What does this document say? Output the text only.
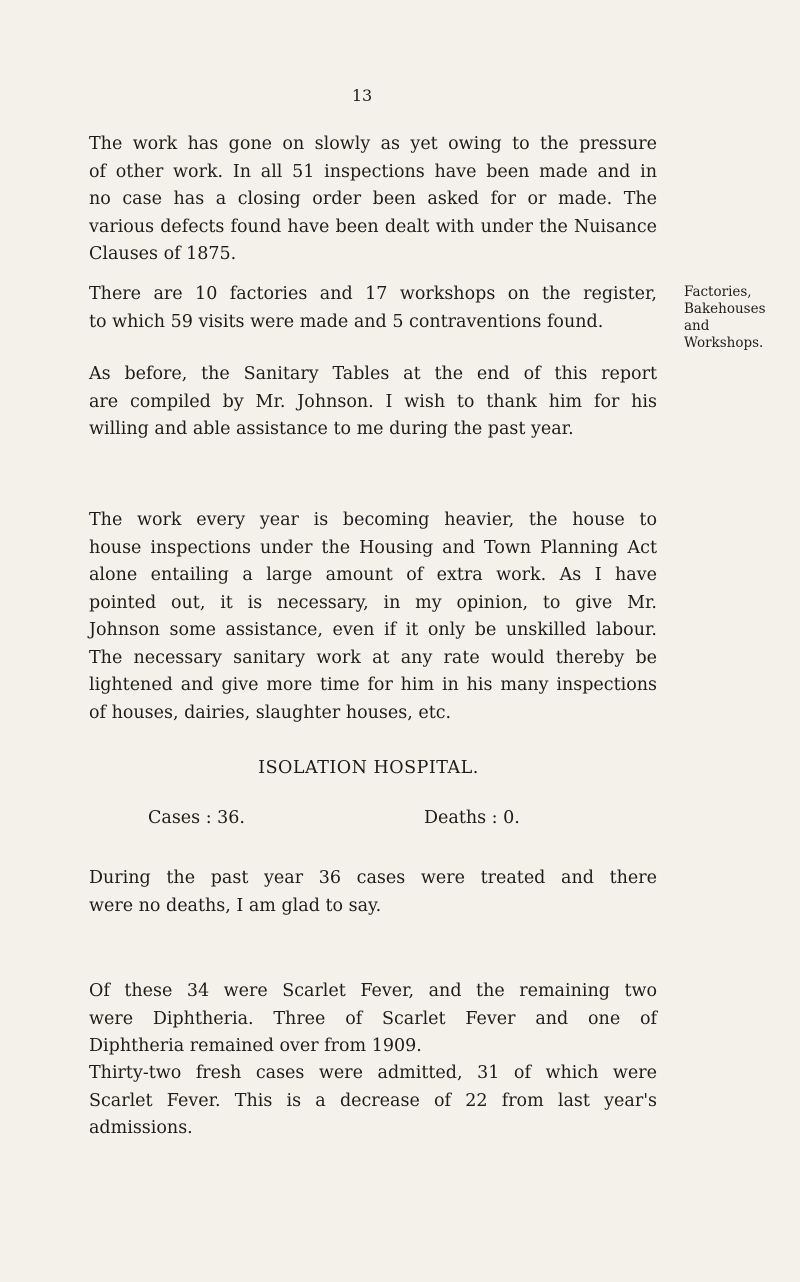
13

The work has gone on slowly as yet owing to the pressure
of other work. In all 51 inspections have been made and in
no case has a closing order been asked for or made. The
various defects found have been dealt with under the Nuisance
Clauses of 1875.

There are 10 factories and 17 workshops on the register,
to which 59 visits were made and 5 contraventions found.

Factories,
Bakehouses
and
Workshops.

As before, the Sanitary Tables at the end of this report
are compiled by Mr. Johnson. I wish to thank him for his
willing and able assistance to me during the past year.

The work every year is becoming heavier, the house to
house inspections under the Housing and Town Planning Act
alone entailing a large amount of extra work. As I have
pointed out, it is necessary, in my opinion, to give Mr.
Johnson some assistance, even if it only be unskilled labour.
The necessary sanitary work at any rate would thereby be
lightened and give more time for him in his many inspections
of houses, dairies, slaughter houses, etc.

ISOLATION HOSPITAL.
Cases : 36.	Deaths : 0.

During the past year 36 cases were treated and there
were no deaths, I am glad to say.

Of these 34 were Scarlet Fever, and the remaining two
were Diphtheria. Three of Scarlet Fever and one of
Diphtheria remained over from 1909.

Thirty-two fresh cases were admitted, 31 of which were
Scarlet Fever. This is a decrease of 22 from last year's
admissions.
